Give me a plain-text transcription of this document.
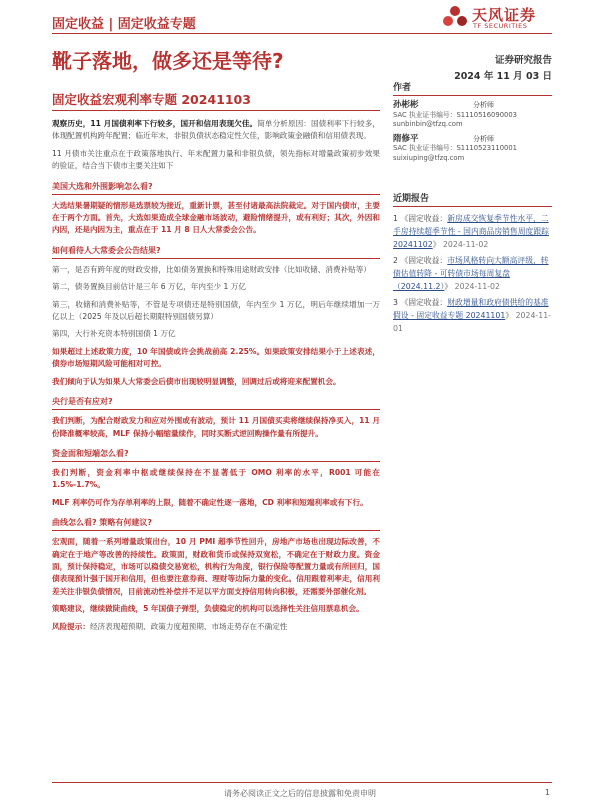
固定收益 | 固定收益专题
天风证券
TF SECURITIES
靴子落地，做多还是等待?	证券研究报告
2024 年 11 月 03 日
固定收益宏观利率专题 20241103

观察历史，11 月国债利率下行较多，国开和信用表现欠佳。简单分析原因：国债利率下行较多，体现配置机构跨年配置；临近年末，非银负债状态稳定性欠佳，影响政策金融债和信用债表现。

11 月债市关注重点在于政策落地执行、年末配置力量和非银负债，领先指标对增量政策初步效果的验证，结合当下债市主要关注如下

美国大选和外围影响怎么看?

大选结果暑期疑的情形是选票较为接近，重新计票，甚至付诸最高法院裁定。对于国内债市，主要在于两个方面。首先，大选如果造成全球金融市场波动，避险情绪提升，或有利好；其次，外因和内因，还是内因为主，重点在于 11 月 8 日人大常委会公告。

如何看待人大常委会公告结果?

第一，是否有跨年度的财政安排，比如债务置换和特殊用途财政安排（比如收储、消费补贴等）

第二，债务置换目前估计是三年 6 万亿，年内至少 1 万亿

第三，收储和消费补贴等，不管是专项债还是特别国债，年内至少 1 万亿，明后年继续增加一万亿以上（2025 年及以后超长期限特别国债另算）

第四，大行补充资本特别国债 1 万亿

如果超过上述政策力度，10 年国债或许会挑战前高 2.25%。如果政策安排结果小于上述表述，债券市场短期风险可能相对可控。

我们倾向于认为如果人大常委会后债市出现较明显调整，回调过后或将迎来配置机会。

央行是否有应对?

我们判断，为配合财政发力和应对外围或有波动，预计 11 月国债买卖将继续保持净买入，11 月份降准概率较高，MLF 保持小幅缩量续作，同时买断式逆回购操作量有所提升。

资金面和短端怎么看?

我们判断，资金利率中枢或继续保持在不显著低于 OMO 利率的水平，R001 可能在 1.5%-1.7%。

MLF 利率仍可作为存单利率的上限，随着不确定性逐一落地，CD 利率和短端利率或有下行。

曲线怎么看? 策略有何建议?

宏观面，随着一系列增量政策出台，10 月 PMI 超季节性回升，房地产市场也出现边际改善，不确定在于地产等改善的持续性。政策面，财政和货币或保持双宽松，不确定在于财政力度。资金面，预计保持稳定，市场可以稳债交易宽松，机构行为角度，银行保险等配置力量或有所回归，国债表现预计强于国开和信用，但也要注意券商、理财等边际力量的变化。信用跟着利率走，信用利差关注非银负债情况，目前流动性补偿并不足以平方面支持信用转向积极，还需要外部催化剂。

策略建议，继续做陡曲线，5 年国债子弹型，负债稳定的机构可以选择性关注信用票息机会。

风险提示：经济表现超预期、政策力度超预期、市场走势存在不确定性

作者
孙彬彬	分析师
SAC 执业证书编号：S1110516090003
sunbinbin@tfzq.com
隋修平	分析师
SAC 执业证书编号：S1110523110001
suixiuping@tfzq.com
近期报告
1 《固定收益：新房成交恢复季节性水平，二手房持续超季节性 - 国内商品房销售周度跟踪 20241102》 2024-11-02
2 《固定收益：市场风格转向大额高评级，转债估值转降 - 可转债市场每周复盘（2024.11.2）》 2024-11-02
3 《固定收益：财政增量和政府债供给的基准假设 - 固定收益专题 20241101》 2024-11-01
请务必阅读正文之后的信息披露和免责申明	1
